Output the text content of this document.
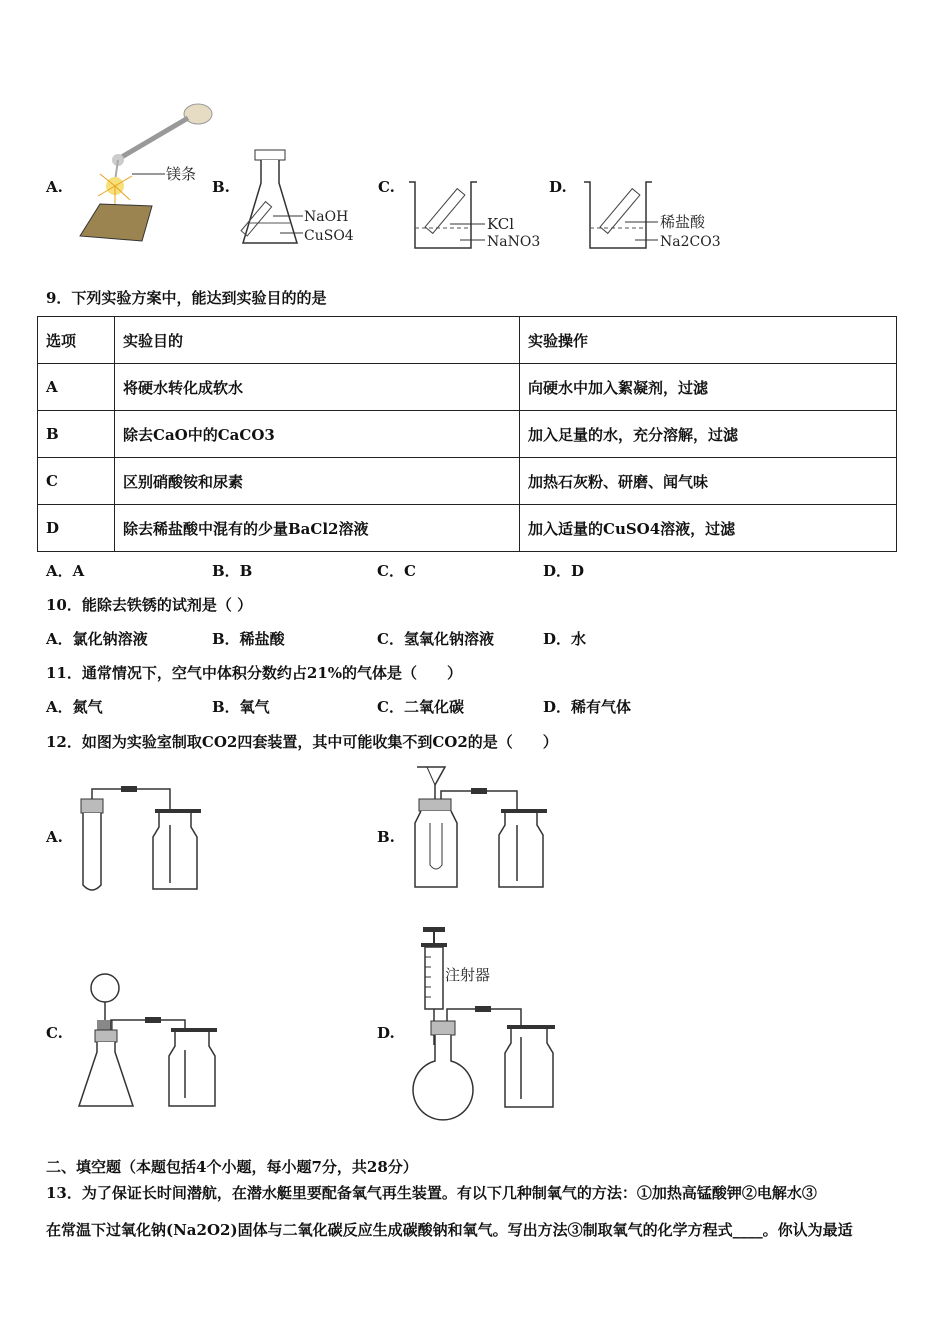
A.
镁条
B.
NaOH
CuSO4
C.
KCl
NaNO3
D.
稀盐酸
Na2CO3
9．下列实验方案中，能达到实验目的的是
选项	实验目的	实验操作
A	将硬水转化成软水	向硬水中加入絮凝剂，过滤
B	除去CaO中的CaCO3	加入足量的水，充分溶解，过滤
C	区别硝酸铵和尿素	加热石灰粉、研磨、闻气味
D	除去稀盐酸中混有的少量BaCl2溶液	加入适量的CuSO4溶液，过滤
A．A	B．B	C．C	D．D
10．能除去铁锈的试剂是（ ）
A．氯化钠溶液	B．稀盐酸	C．氢氧化钠溶液	D．水
11．通常情况下，空气中体积分数约占21%的气体是（　　）
A．氮气	B．氧气	C．二氧化碳	D．稀有气体
12．如图为实验室制取CO2四套装置，其中可能收集不到CO2的是（　　）
A.	B.
C.	D.
注射器
二、填空题（本题包括4个小题，每小题7分，共28分）
13．为了保证长时间潜航，在潜水艇里要配备氧气再生装置。有以下几种制氧气的方法：①加热高锰酸钾②电解水③
在常温下过氧化钠(Na2O2)固体与二氧化碳反应生成碳酸钠和氧气。写出方法③制取氧气的化学方程式____。你认为最适
